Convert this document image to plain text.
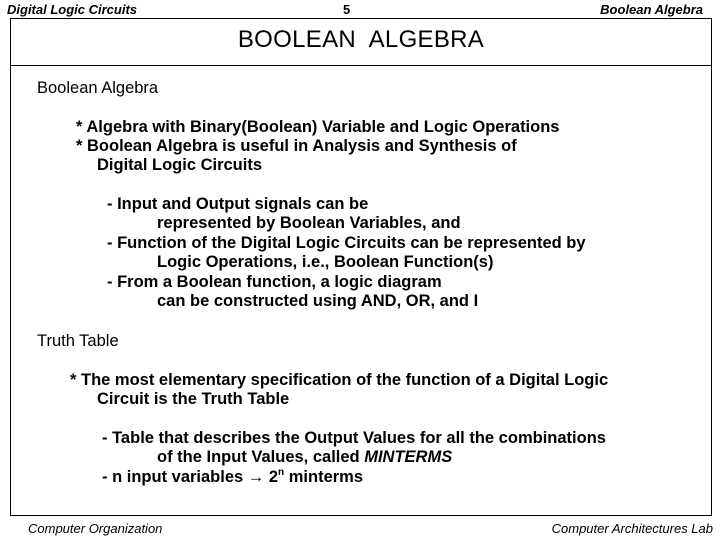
Digital Logic Circuits	5	Boolean Algebra
BOOLEAN  ALGEBRA
Boolean Algebra
* Algebra with Binary(Boolean) Variable and Logic Operations
* Boolean Algebra is useful in Analysis and Synthesis of
Digital Logic Circuits
- Input and Output signals can be
represented by Boolean Variables, and
- Function of the Digital Logic Circuits can be represented by
Logic Operations, i.e., Boolean Function(s)
- From a Boolean function, a logic diagram
can be constructed using AND, OR, and I
Truth Table
* The most elementary specification of the function of a Digital Logic
Circuit is the Truth Table
- Table that describes the Output Values for all the combinations
of the Input Values, called MINTERMS
- n input variables → $2^n$ minterms
Computer Organization	Computer Architectures Lab
